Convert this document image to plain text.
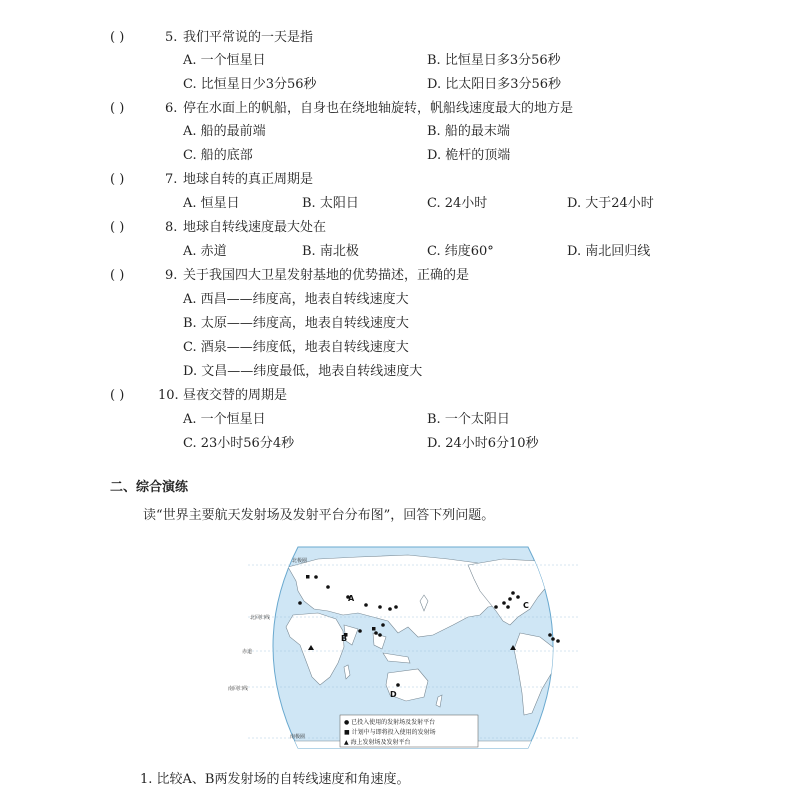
( )	5. 我们平常说的一天是指
A. 一个恒星日	B. 比恒星日多3分56秒
C. 比恒星日少3分56秒	D. 比太阳日多3分56秒
( )	6. 停在水面上的帆船，自身也在绕地轴旋转，帆船线速度最大的地方是
A. 船的最前端	B. 船的最末端
C. 船的底部	D. 桅杆的顶端
( )	7. 地球自转的真正周期是
A. 恒星日	B. 太阳日	C. 24小时	D. 大于24小时
( )	8. 地球自转线速度最大处在
A. 赤道	B. 南北极	C. 纬度60°	D. 南北回归线
( )	9. 关于我国四大卫星发射基地的优势描述，正确的是
A. 西昌——纬度高，地表自转线速度大
B. 太原——纬度高，地表自转线速度大
C. 酒泉——纬度低，地表自转线速度大
D. 文昌——纬度最低，地表自转线速度大
( )	10. 昼夜交替的周期是
A. 一个恒星日	B. 一个太阳日
C. 23小时56分4秒	D. 24小时6分10秒
二、综合演练
读“世界主要航天发射场及发射平台分布图”，回答下列问题。
北极圈
北回归线
赤道
南回归线
南极圈
A
B
C
D
● 已投入使用的发射场及发射平台
■ 计划中与即将投入使用的发射场
▲ 海上发射场及发射平台
1. 比较A、B两发射场的自转线速度和角速度。
